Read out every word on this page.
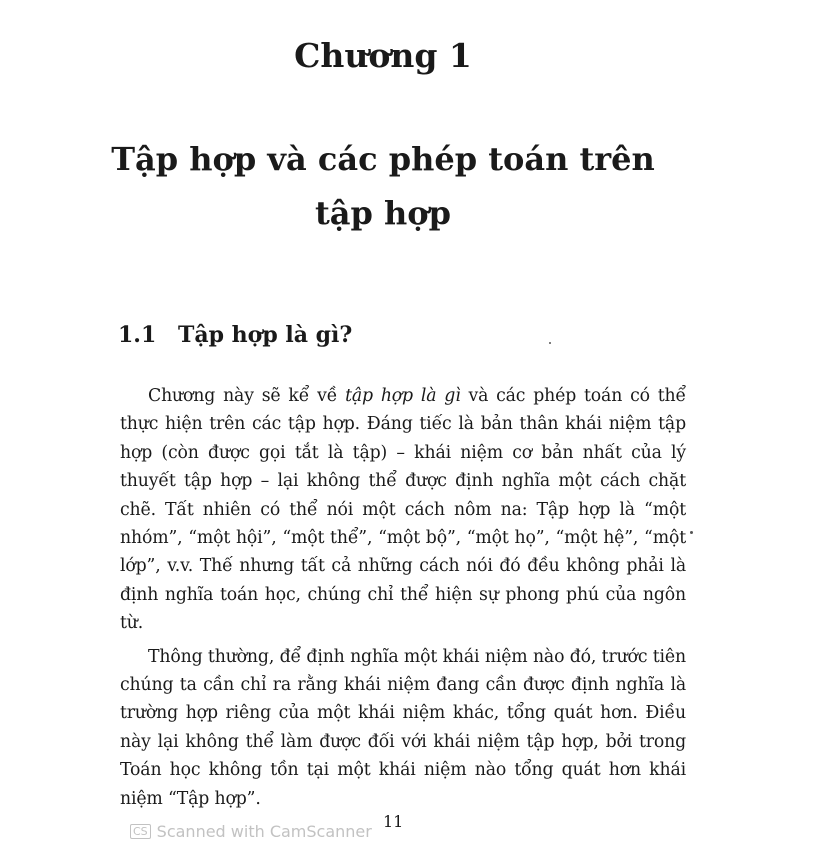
Chương 1
Tập hợp và các phép toán trên
tập hợp
1.1 Tập hợp là gì?

Chương này sẽ kể về tập hợp là gì và các phép toán có thể thực hiện trên các tập hợp. Đáng tiếc là bản thân khái niệm tập hợp (còn được gọi tắt là tập) – khái niệm cơ bản nhất của lý thuyết tập hợp – lại không thể được định nghĩa một cách chặt chẽ. Tất nhiên có thể nói một cách nôm na: Tập hợp là “một nhóm”, “một hội”, “một thể”, “một bộ”, “một họ”, “một hệ”, “một lớp”, v.v. Thế nhưng tất cả những cách nói đó đều không phải là định nghĩa toán học, chúng chỉ thể hiện sự phong phú của ngôn từ.

Thông thường, để định nghĩa một khái niệm nào đó, trước tiên chúng ta cần chỉ ra rằng khái niệm đang cần được định nghĩa là trường hợp riêng của một khái niệm khác, tổng quát hơn. Điều này lại không thể làm được đối với khái niệm tập hợp, bởi trong Toán học không tồn tại một khái niệm nào tổng quát hơn khái niệm “Tập hợp”.

11
CS Scanned with CamScanner
